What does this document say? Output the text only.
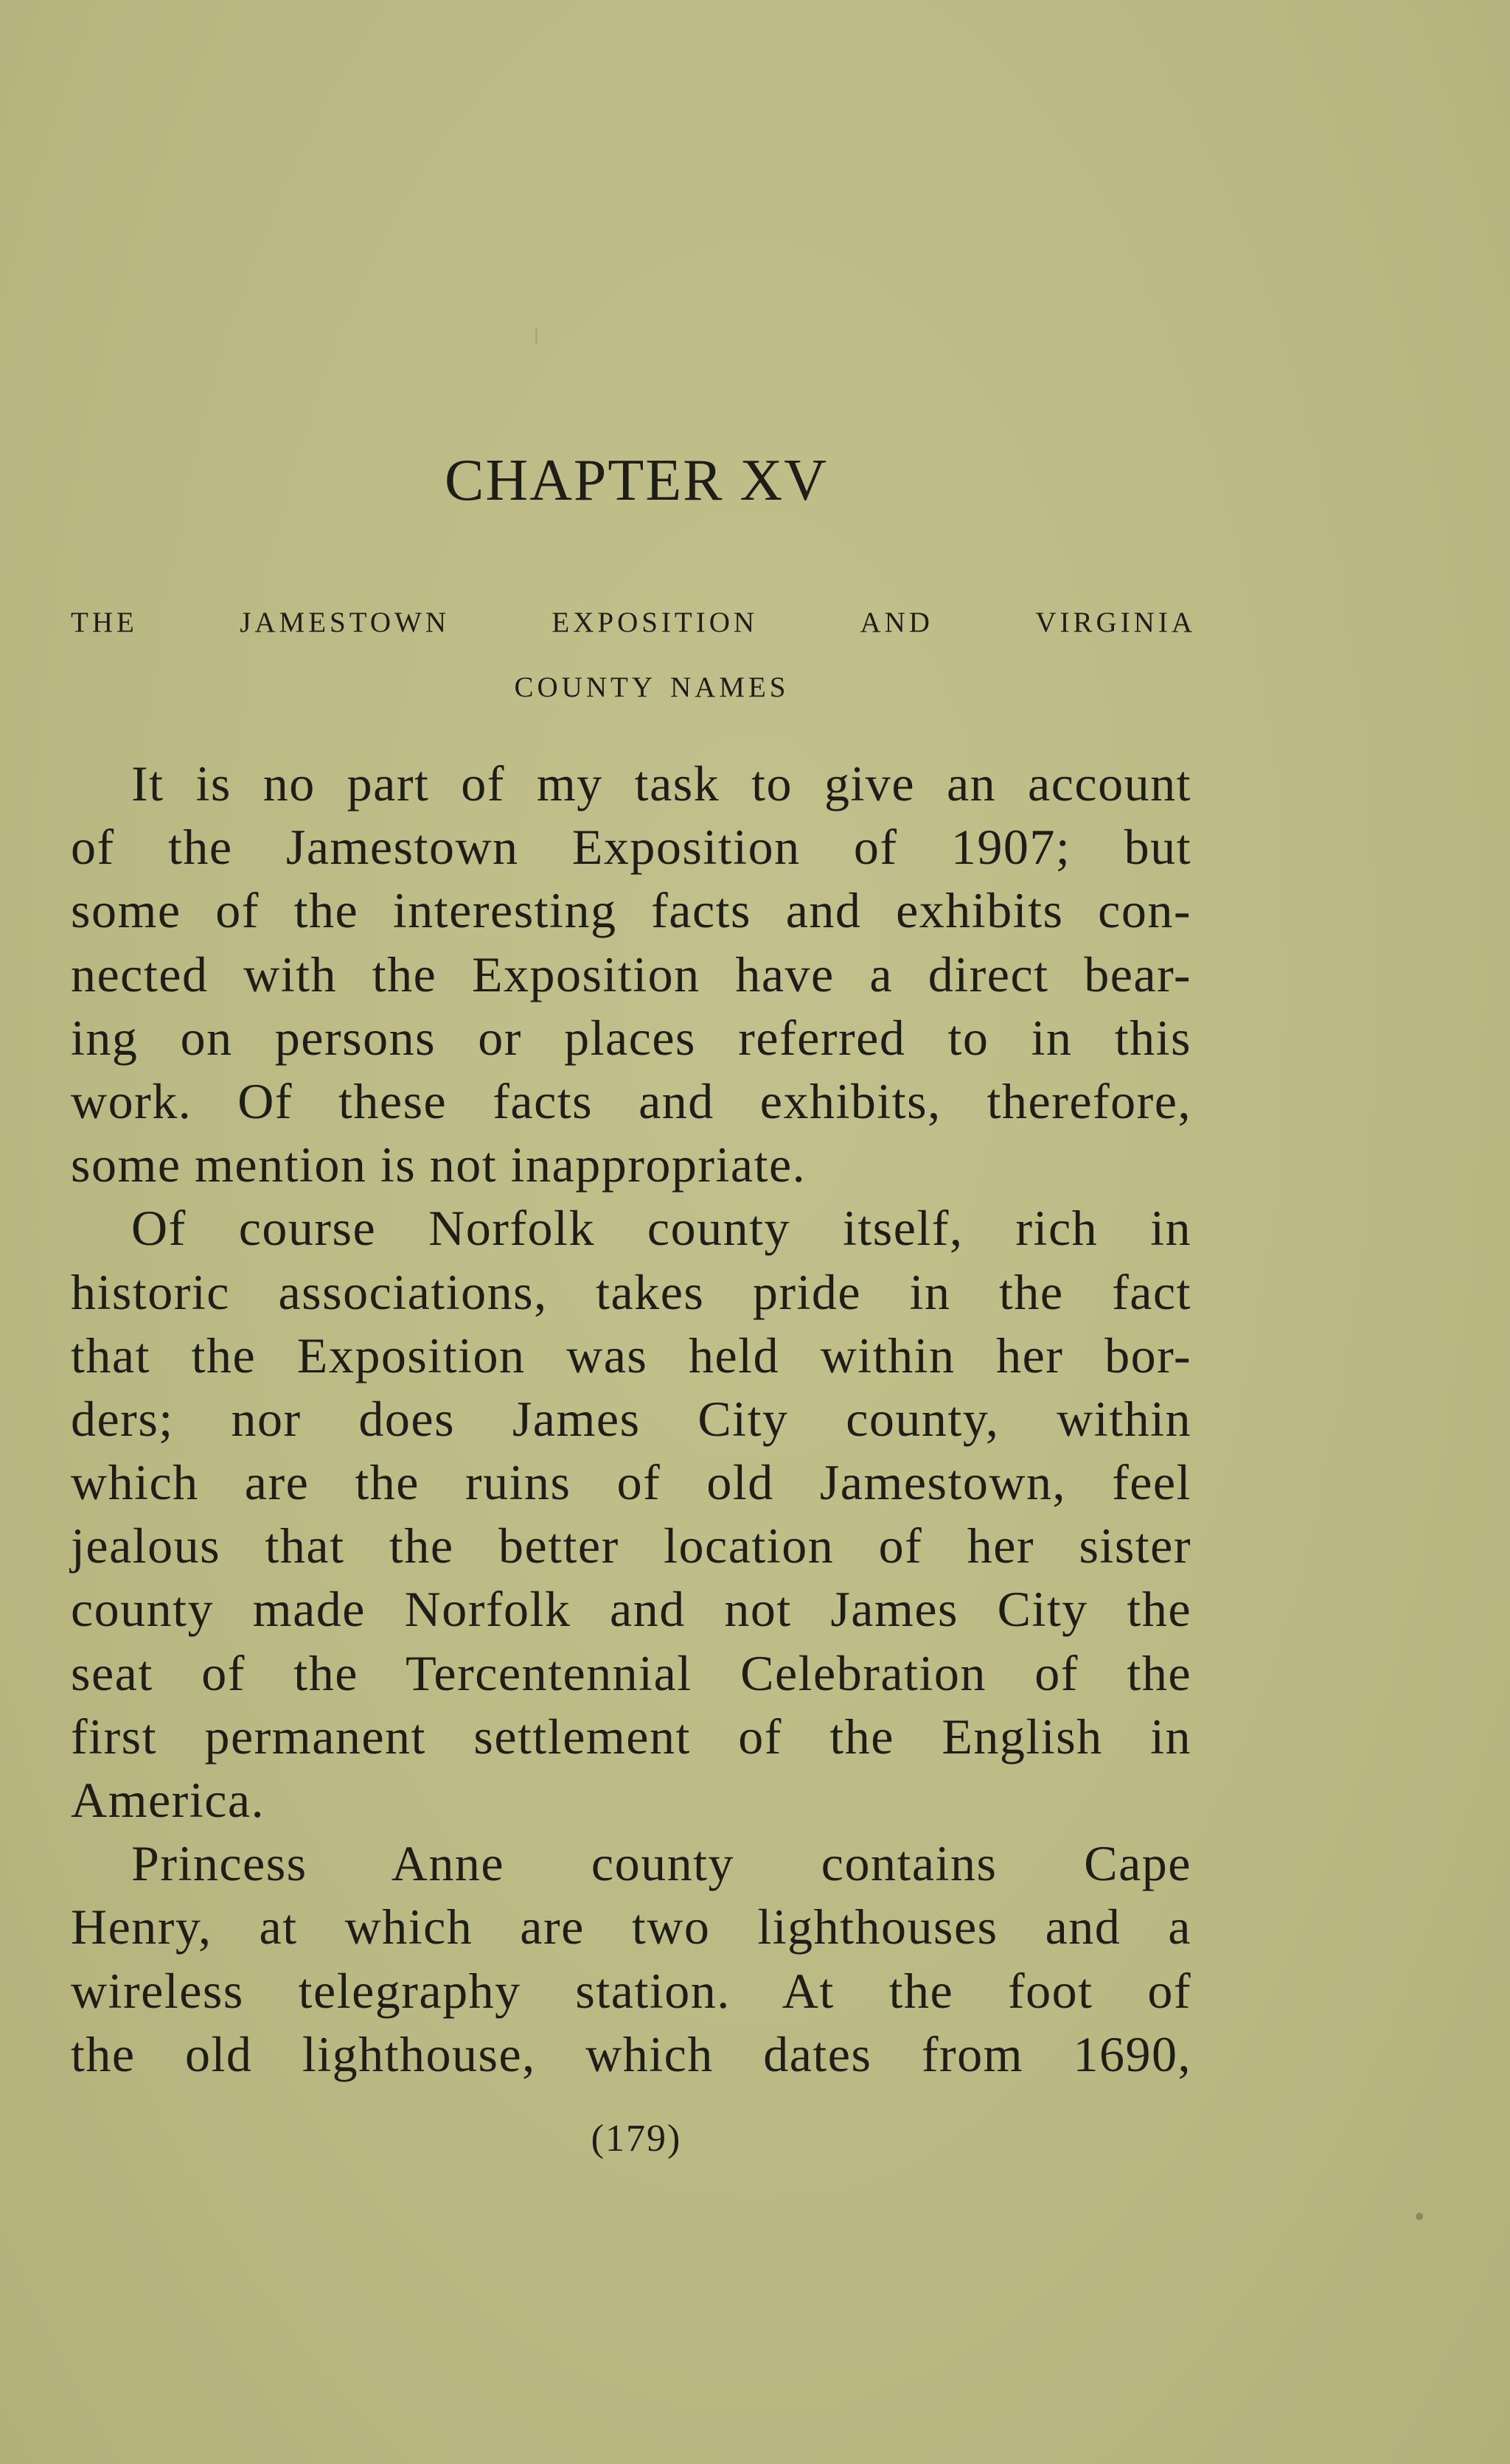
CHAPTER XV
the jamestown exposition and virginia
county names
It is no part of my task to give an account
of the Jamestown Exposition of 1907; but
some of the interesting facts and exhibits con-
nected with the Exposition have a direct bear-
ing on persons or places referred to in this
work. Of these facts and exhibits, therefore,
some mention is not inappropriate.
Of course Norfolk county itself, rich in
historic associations, takes pride in the fact
that the Exposition was held within her bor-
ders; nor does James City county, within
which are the ruins of old Jamestown, feel
jealous that the better location of her sister
county made Norfolk and not James City the
seat of the Tercentennial Celebration of the
first permanent settlement of the English in
America.
Princess Anne county contains Cape
Henry, at which are two lighthouses and a
wireless telegraphy station. At the foot of
the old lighthouse, which dates from 1690,
(179)
